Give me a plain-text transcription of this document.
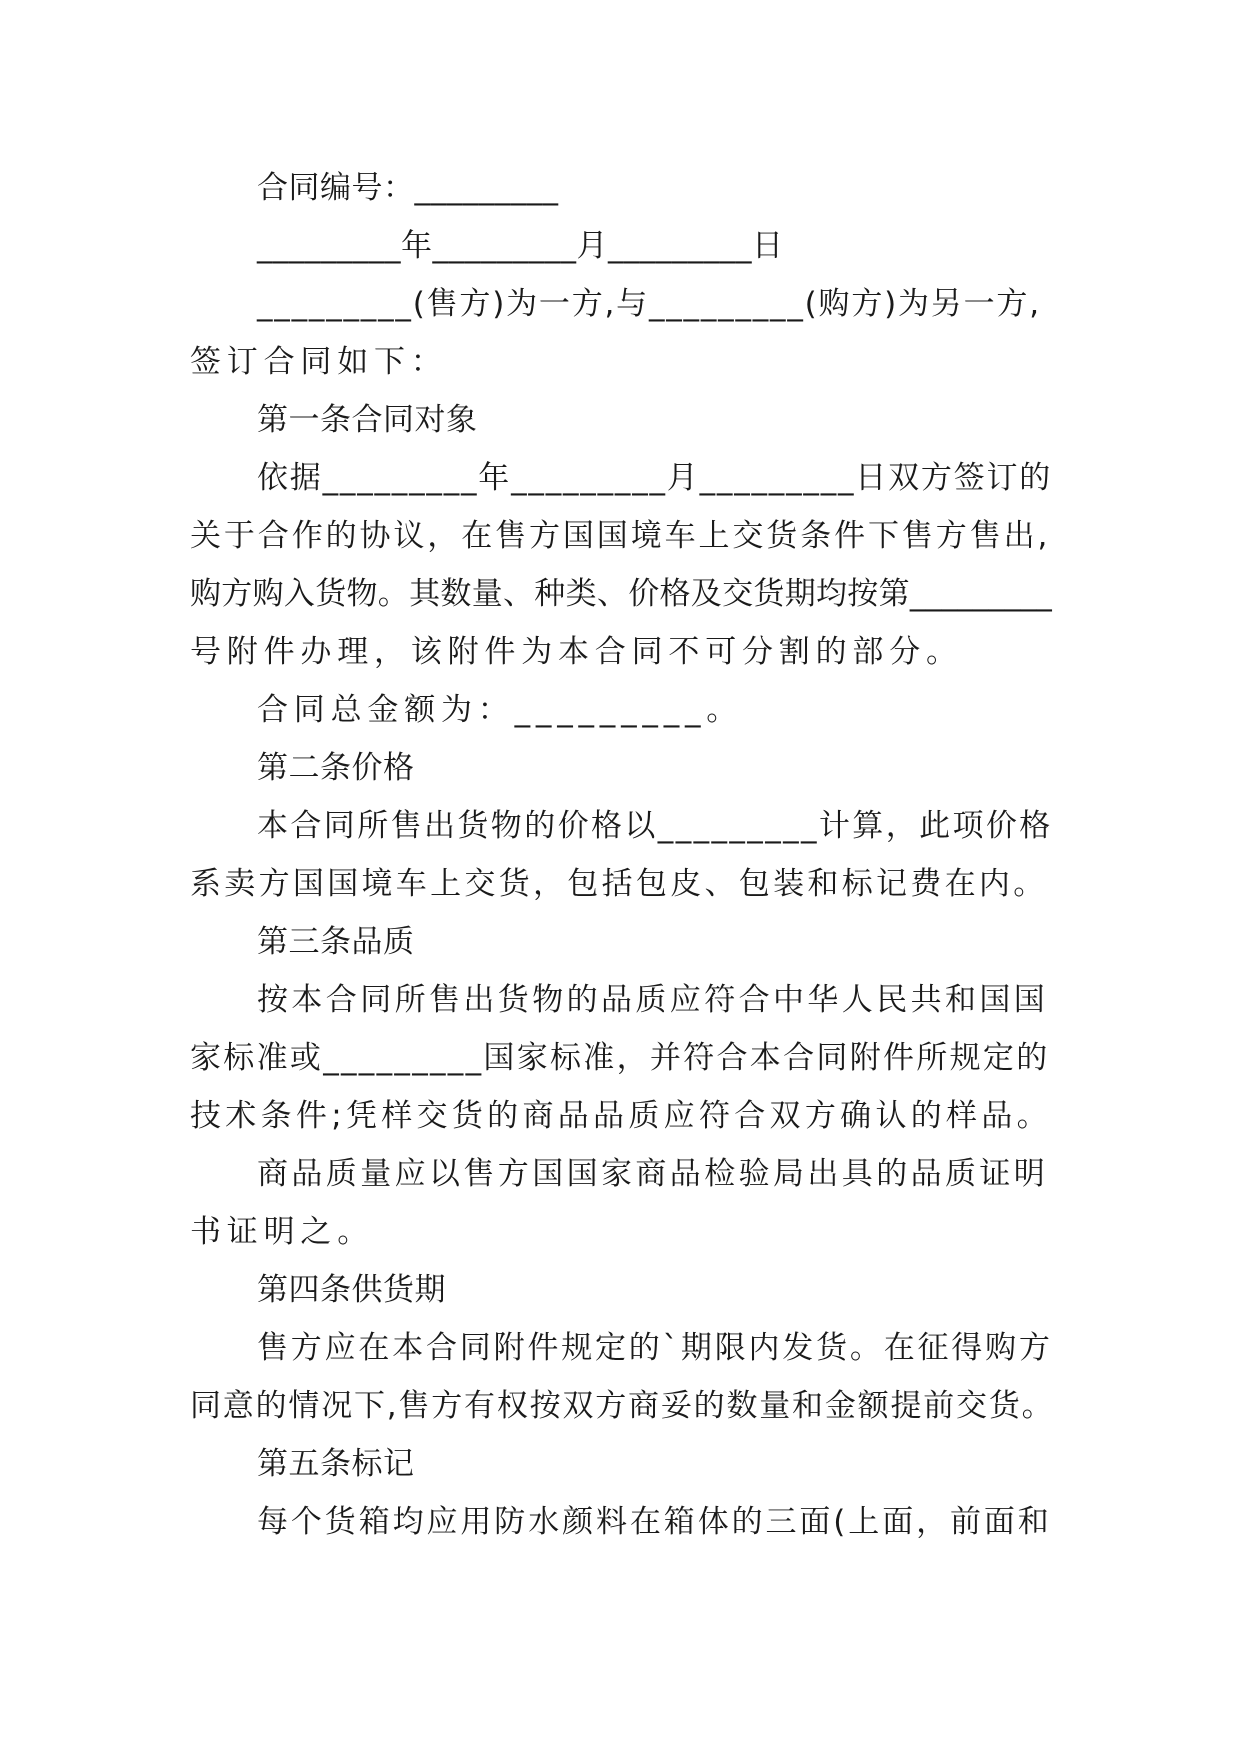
合同编号：_________
_________年_________月_________日
_________(售方)为一方,与_________(购方)为另一方,
签订合同如下：
第一条合同对象
依据_________年_________月_________日双方签订的
关于合作的协议，在售方国国境车上交货条件下售方售出,
购方购入货物。其数量、种类、价格及交货期均按第_________
号附件办理，该附件为本合同不可分割的部分。
合同总金额为：_________。
第二条价格
本合同所售出货物的价格以_________计算，此项价格
系卖方国国境车上交货，包括包皮、包装和标记费在内。
第三条品质
按本合同所售出货物的品质应符合中华人民共和国国
家标准或_________国家标准，并符合本合同附件所规定的
技术条件;凭样交货的商品品质应符合双方确认的样品。
商品质量应以售方国国家商品检验局出具的品质证明
书证明之。
第四条供货期
售方应在本合同附件规定的`期限内发货。在征得购方
同意的情况下,售方有权按双方商妥的数量和金额提前交货。
第五条标记
每个货箱均应用防水颜料在箱体的三面(上面，前面和
